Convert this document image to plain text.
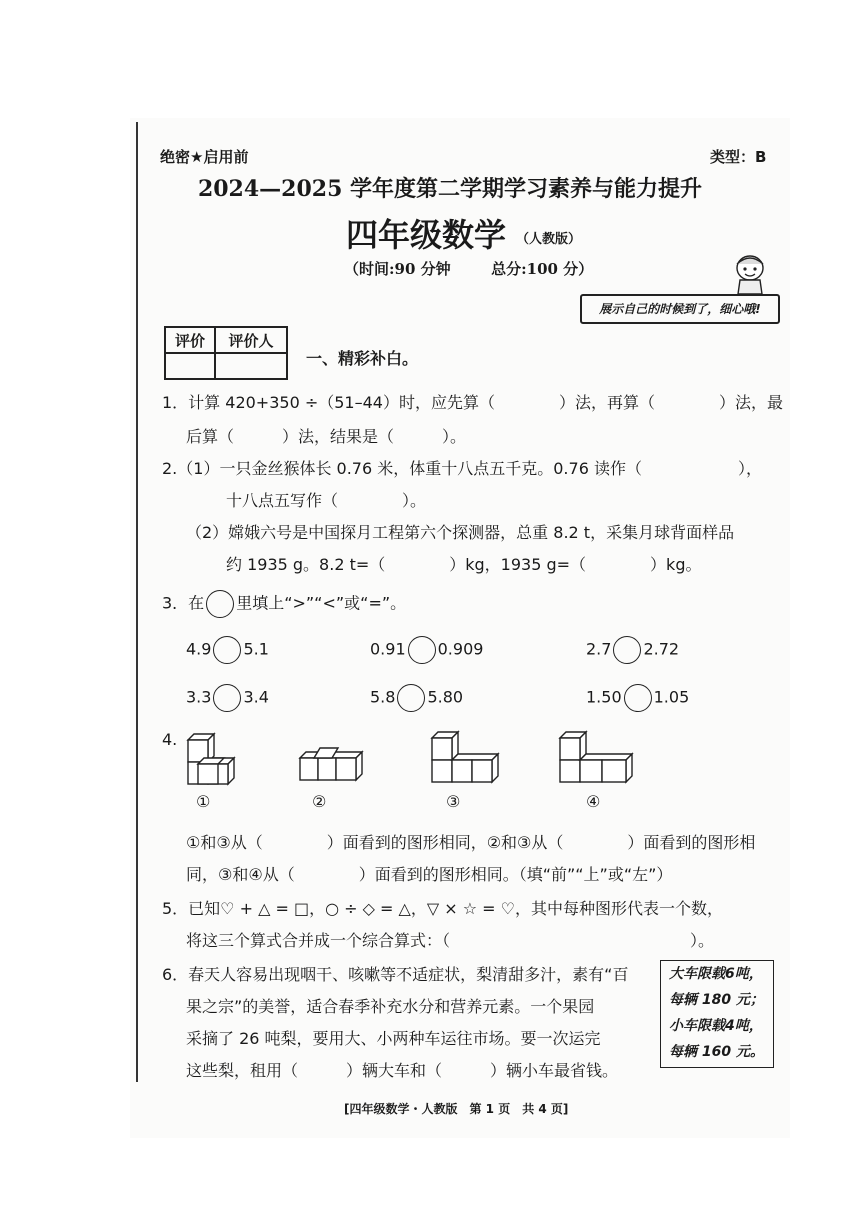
绝密★启用前	类型：B
2024—2025 学年度第二学期学习素养与能力提升
四年级数学 （人教版）
（时间:90 分钟	总分:100 分）
展示自己的时候到了，细心哦!
评价	评价人

一、精彩补白。
1．计算 420+350 ÷（51–44）时，应先算（　　　　）法，再算（　　　　）法，最
后算（　　　）法，结果是（　　　）。
2.（1）一只金丝猴体长 0.76 米，体重十八点五千克。0.76 读作（　　　　　　），
十八点五写作（　　　　）。
（2）嫦娥六号是中国探月工程第六个探测器，总重 8.2 t，采集月球背面样品
约 1935 g。8.2 t=（　　　　）kg，1935 g=（　　　　）kg。
3．在 里填上“>”“<”或“=”。
4.9 5.1	0.91 0.909	2.7 2.72
3.3 3.4	5.8 5.80	1.50 1.05
4.
①	②	③	④
①和③从（　　　　）面看到的图形相同，②和③从（　　　　）面看到的图形相
同，③和④从（　　　　）面看到的图形相同。（填“前”“上”或“左”）
5．已知♡ + △ = □，○ ÷ ◇ = △，▽ × ☆ = ♡，其中每种图形代表一个数，
将这三个算式合并成一个综合算式：（　　　　　　　　　　　　　　　）。
6．春天人容易出现咽干、咳嗽等不适症状，梨清甜多汁，素有“百
果之宗”的美誉，适合春季补充水分和营养元素。一个果园
采摘了 26 吨梨，要用大、小两种车运往市场。要一次运完
这些梨，租用（　　　）辆大车和（　　　）辆小车最省钱。
大车限载6吨，
每辆 180 元；
小车限载4吨，
每辆 160 元。
[四年级数学・人教版　第 1 页　共 4 页]
